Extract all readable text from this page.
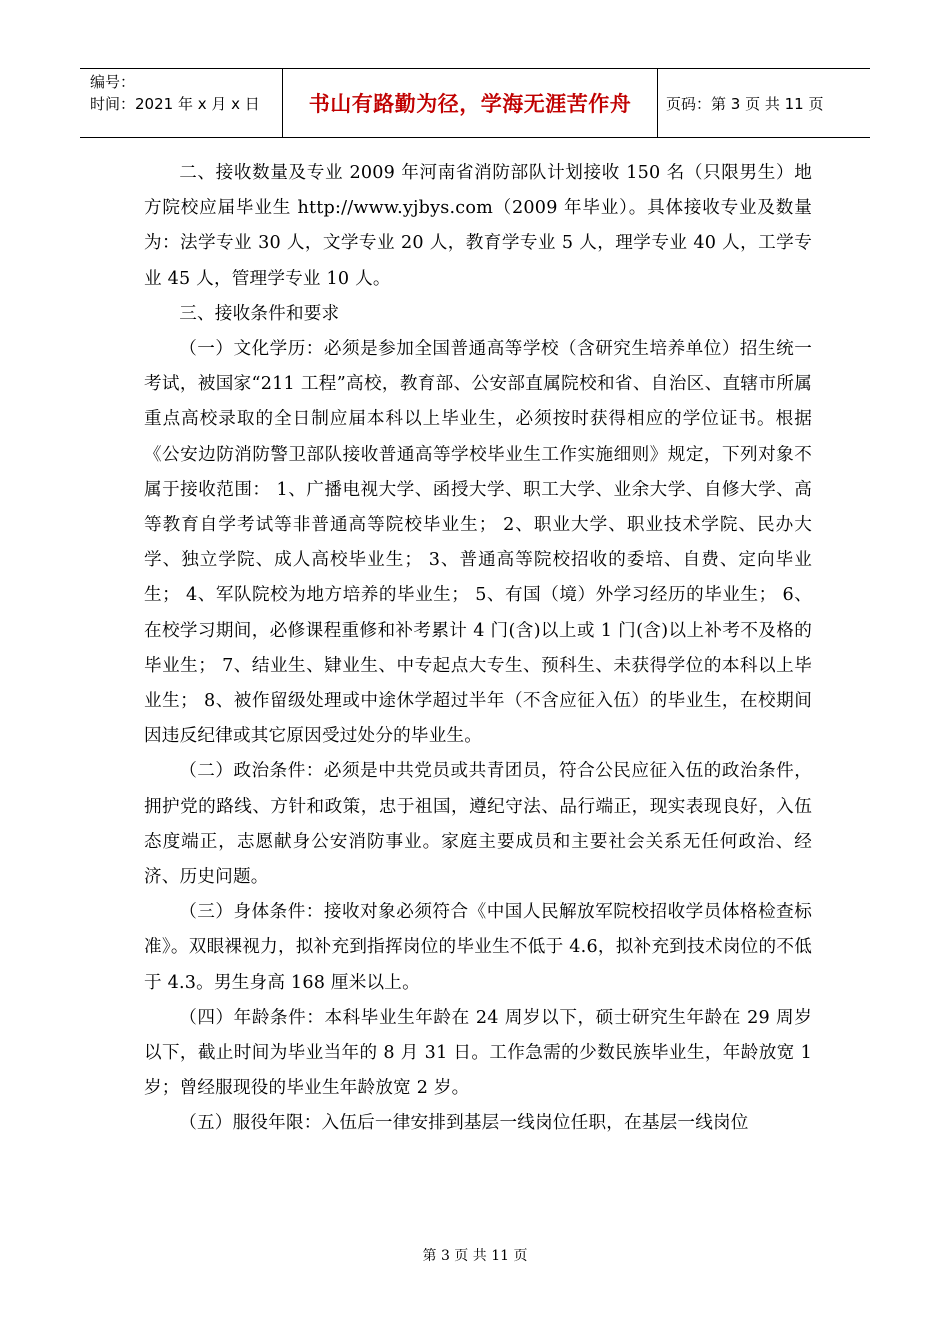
编号：
时间：2021 年 x 月 x 日	书山有路勤为径，学海无涯苦作舟	页码：第 3 页 共 11 页

二、接收数量及专业 2009 年河南省消防部队计划接收 150 名（只限男生）地方院校应届毕业生 http://www.yjbys.com（2009 年毕业）。具体接收专业及数量为：法学专业 30 人，文学专业 20 人，教育学专业 5 人，理学专业 40 人，工学专业 45 人，管理学专业 10 人。

三、接收条件和要求

（一）文化学历：必须是参加全国普通高等学校（含研究生培养单位）招生统一考试，被国家“211 工程”高校，教育部、公安部直属院校和省、自治区、直辖市所属重点高校录取的全日制应届本科以上毕业生，必须按时获得相应的学位证书。根据《公安边防消防警卫部队接收普通高等学校毕业生工作实施细则》规定，下列对象不属于接收范围： 1、广播电视大学、函授大学、职工大学、业余大学、自修大学、高等教育自学考试等非普通高等院校毕业生； 2、职业大学、职业技术学院、民办大学、独立学院、成人高校毕业生； 3、普通高等院校招收的委培、自费、定向毕业生； 4、军队院校为地方培养的毕业生； 5、有国（境）外学习经历的毕业生； 6、在校学习期间，必修课程重修和补考累计 4 门(含)以上或 1 门(含)以上补考不及格的毕业生； 7、结业生、肄业生、中专起点大专生、预科生、未获得学位的本科以上毕业生； 8、被作留级处理或中途休学超过半年（不含应征入伍）的毕业生，在校期间因违反纪律或其它原因受过处分的毕业生。

（二）政治条件：必须是中共党员或共青团员，符合公民应征入伍的政治条件，拥护党的路线、方针和政策，忠于祖国，遵纪守法、品行端正，现实表现良好，入伍态度端正，志愿献身公安消防事业。家庭主要成员和主要社会关系无任何政治、经济、历史问题。

（三）身体条件：接收对象必须符合《中国人民解放军院校招收学员体格检查标准》。双眼裸视力，拟补充到指挥岗位的毕业生不低于 4.6，拟补充到技术岗位的不低于 4.3。男生身高 168 厘米以上。

（四）年龄条件：本科毕业生年龄在 24 周岁以下，硕士研究生年龄在 29 周岁以下，截止时间为毕业当年的 8 月 31 日。工作急需的少数民族毕业生，年龄放宽 1 岁；曾经服现役的毕业生年龄放宽 2 岁。

（五）服役年限：入伍后一律安排到基层一线岗位任职，在基层一线岗位

第 3 页 共 11 页
